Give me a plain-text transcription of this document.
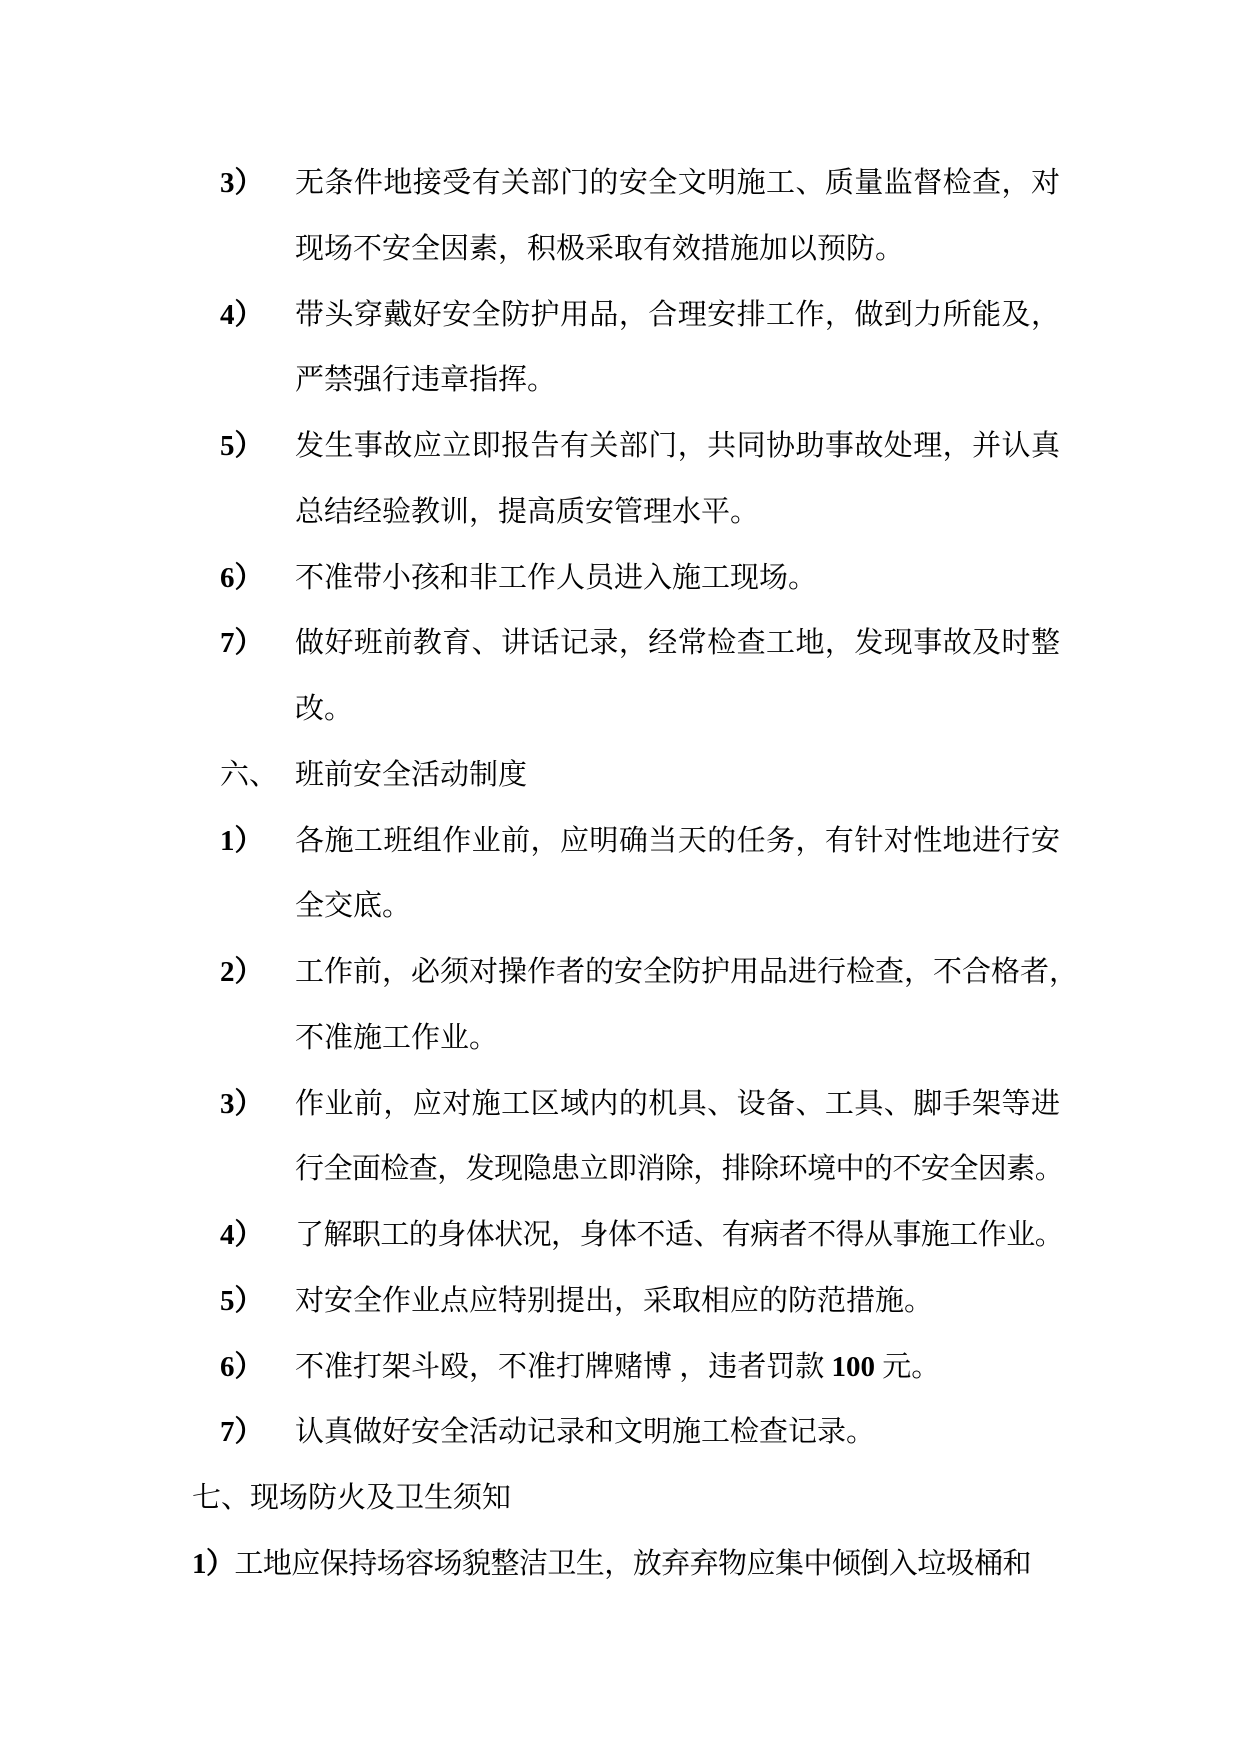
3） 无条件地接受有关部门的安全文明施工、质量监督检查，对
现场不安全因素，积极采取有效措施加以预防。
4） 带头穿戴好安全防护用品，合理安排工作，做到力所能及，
严禁强行违章指挥。
5） 发生事故应立即报告有关部门，共同协助事故处理，并认真
总结经验教训，提高质安管理水平。
6） 不准带小孩和非工作人员进入施工现场。
7） 做好班前教育、讲话记录，经常检查工地，发现事故及时整
改。
六、 班前安全活动制度
1） 各施工班组作业前，应明确当天的任务，有针对性地进行安
全交底。
2） 工作前，必须对操作者的安全防护用品进行检查，不合格者，
不准施工作业。
3） 作业前，应对施工区域内的机具、设备、工具、脚手架等进
行全面检查，发现隐患立即消除，排除环境中的不安全因素。
4） 了解职工的身体状况，身体不适、有病者不得从事施工作业。
5） 对安全作业点应特别提出，采取相应的防范措施。
6） 不准打架斗殴，不准打牌赌博 ，违者罚款 100 元。
7） 认真做好安全活动记录和文明施工检查记录。
七、现场防火及卫生须知
1）工地应保持场容场貌整洁卫生，放弃弃物应集中倾倒入垃圾桶和
